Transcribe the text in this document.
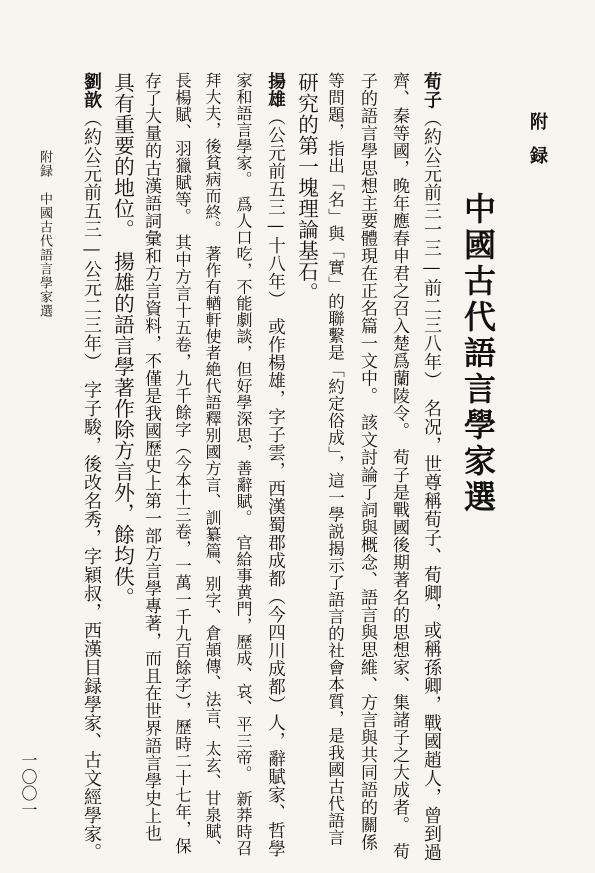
附録
中國古代語言學家選
荀子（約公元前三一三—前二三八年）　名况，世尊稱荀子、荀卿，或稱孫卿，戰國趙人，曾到過
齊、秦等國，晚年應春申君之召入楚爲蘭陵令。　荀子是戰國後期著名的思想家、集諸子之大成者。　荀
子的語言學思想主要體現在正名篇一文中。　該文討論了詞與概念、語言與思維、方言與共同語的關係
等問題，指出「名」與「實」的聯繫是「約定俗成」，這一學説揭示了語言的社會本質，是我國古代語言
研究的第一塊理論基石。
揚雄（公元前五三—十八年）　或作楊雄，字子雲，西漢蜀郡成都（今四川成都）人，辭賦家、哲學
家和語言學家。　爲人口吃，不能劇談，但好學深思，善辭賦。　官給事黄門，歷成、哀、平三帝。　新莽時召
拜大夫，後貧病而終。　著作有輶軒使者絶代語釋别國方言、訓纂篇、别字、倉頡傳、法言、太玄、甘泉賦、
長楊賦、羽獵賦等。　其中方言十五卷，九千餘字（今本十三卷，一萬一千九百餘字），歷時二十七年，保
存了大量的古漢語詞彙和方言資料，不僅是我國歷史上第一部方言學專著，而且在世界語言學史上也
具有重要的地位。　揚雄的語言學著作除方言外，餘均佚。
劉歆（約公元前五三—公元二三年）　字子駿，後改名秀，字穎叔，西漢目録學家、古文經學家。
附録　中國古代語言學家選
一〇〇一
